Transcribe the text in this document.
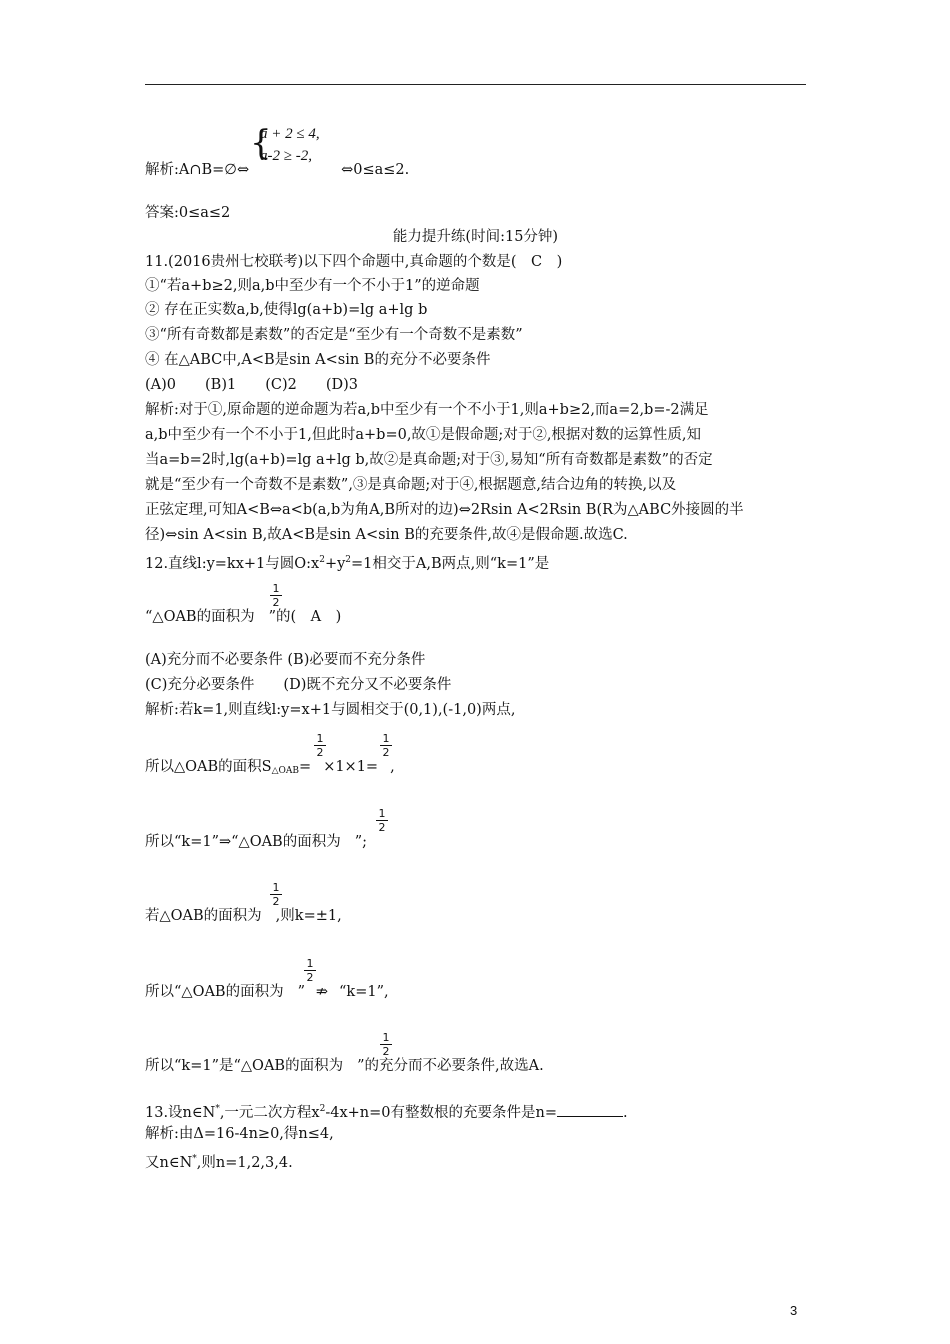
{
a + 2 ≤ 4,
a-2 ≥ -2,
解析:A∩B=∅⇔	⇔0≤a≤2.
答案:0≤a≤2
能力提升练(时间:15分钟)
11.(2016贵州七校联考)以下四个命题中,真命题的个数是(　C　)
①“若a+b≥2,则a,b中至少有一个不小于1”的逆命题
② 存在正实数a,b,使得lg(a+b)=lg a+lg b
③“所有奇数都是素数”的否定是“至少有一个奇数不是素数”
④ 在△ABC中,A<B是sin A<sin B的充分不必要条件
(A)0　　(B)1　　(C)2　　(D)3
解析:对于①,原命题的逆命题为若a,b中至少有一个不小于1,则a+b≥2,而a=2,b=-2满足
a,b中至少有一个不小于1,但此时a+b=0,故①是假命题;对于②,根据对数的运算性质,知
当a=b=2时,lg(a+b)=lg a+lg b,故②是真命题;对于③,易知“所有奇数都是素数”的否定
就是“至少有一个奇数不是素数”,③是真命题;对于④,根据题意,结合边角的转换,以及
正弦定理,可知A<B⇔a<b(a,b为角A,B所对的边)⇔2Rsin A<2Rsin B(R为△ABC外接圆的半
径)⇔sin A<sin B,故A<B是sin A<sin B的充要条件,故④是假命题.故选C.
12.直线l:y=kx+1与圆$O:x^2+y^2=1$相交于A,B两点,则“k=1”是
$\frac{1}{2}$
“△OAB的面积为 ”的(　A　)
(A)充分而不必要条件 (B)必要而不充分条件
(C)充分必要条件　　(D)既不充分又不必要条件
解析:若k=1,则直线l:y=x+1与圆相交于(0,1),(-1,0)两点,
$\frac{1}{2}$	$\frac{1}{2}$
所以△OAB的面积$S_{\triangle OAB}= \times 1\times 1=$ ,
$\frac{1}{2}$
所以“k=1”⇒“△OAB的面积为 ”;
$\frac{1}{2}$
若△OAB的面积为 ,则k=±1,
$\frac{1}{2}$
所以“△OAB的面积为 ” ⇏ “k=1”,
$\frac{1}{2}$
所以“k=1”是“△OAB的面积为 ”的充分而不必要条件,故选A.
13.设n∈N*,一元二次方程$x^2-4x+n=0$有整数根的充要条件是n=	.
解析:由Δ=16-4n≥0,得n≤4,
又n∈N*,则n=1,2,3,4.
3
